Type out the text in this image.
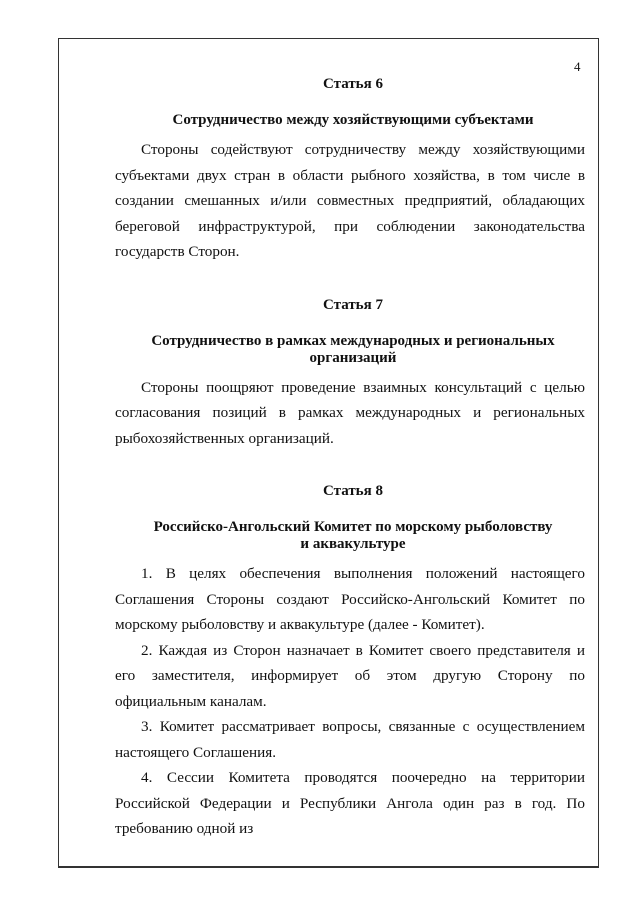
4

Статья 6

Сотрудничество между хозяйствующими субъектами

Стороны содействуют сотрудничеству между хозяйствующими субъектами двух стран в области рыбного хозяйства, в том числе в создании смешанных и/или совместных предприятий, обладающих береговой инфраструктурой, при соблюдении законодательства государств Сторон.

Статья 7

Сотрудничество в рамках международных и региональных

организаций

Стороны поощряют проведение взаимных консультаций с целью согласования позиций в рамках международных и региональных рыбохозяйственных организаций.

Статья 8

Российско-Ангольский Комитет по морскому рыболовству

и аквакультуре

1. В целях обеспечения выполнения положений настоящего Соглашения Стороны создают Российско-Ангольский Комитет по морскому рыболовству и аквакультуре (далее - Комитет).

2. Каждая из Сторон назначает в Комитет своего представителя и его заместителя, информирует об этом другую Сторону по официальным каналам.

3. Комитет рассматривает вопросы, связанные с осуществлением настоящего Соглашения.

4. Сессии Комитета проводятся поочередно на территории Российской Федерации и Республики Ангола один раз в год. По требованию одной из
